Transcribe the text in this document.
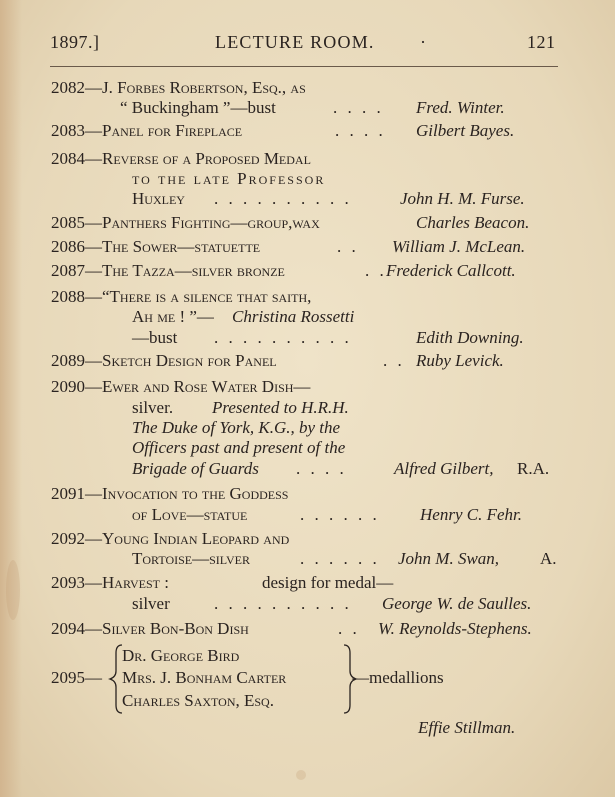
1897.]	LECTURE ROOM.	·	121
2082—J. Forbes Robertson, Esq., as
“ Buckingham ”—bust	. . . . Fred. Winter.
2083—Panel for Fireplace	. . . . Gilbert Bayes.
2084—Reverse of a Proposed Medal
to the late Professor
Huxley . . . . . . . . . .	John H. M. Furse.
2085—Panthers Fighting—group,wax	Charles Beacon.
2086—The Sower—statuette	. . William J. McLean.
2087—The Tazza—silver bronze	. . Frederick Callcott.
2088—“There is a silence that saith,
Ah me ! ”— Christina Rossetti
—bust . . . . . . . . . .	Edith Downing.
2089—Sketch Design for Panel	. . Ruby Levick.
2090—Ewer and Rose Water Dish—
silver. Presented to H.R.H.
The Duke of York, K.G., by the
Officers past and present of the
Brigade of Guards . . . .	Alfred Gilbert, R.A.
2091—Invocation to the Goddess
of Love—statue	. . . . . . Henry C. Fehr.
2092—Young Indian Leopard and
Tortoise—silver	. . . . . . John M. Swan, A.
2093—Harvest :	design for medal—
silver	. . . . . . . . . . George W. de Saulles.
2094—Silver Bon-Bon Dish	. . W. Reynolds-Stephens.
2095—	—medallions
Dr. George Bird
Mrs. J. Bonham Carter
Charles Saxton, Esq.
Effie Stillman.
